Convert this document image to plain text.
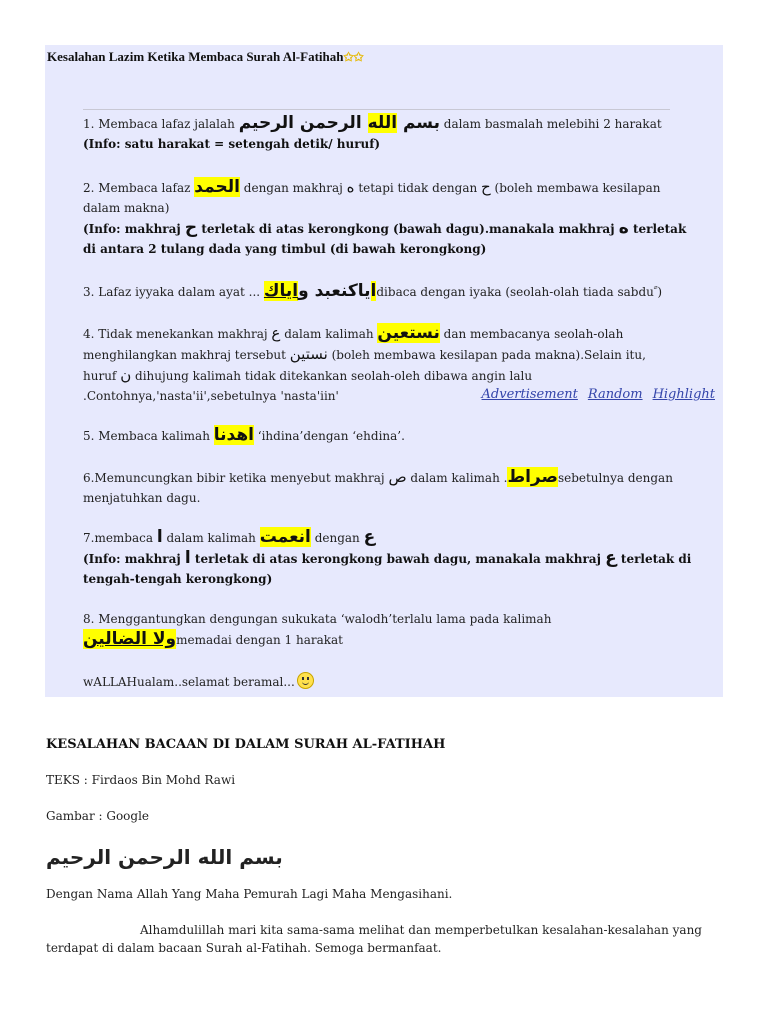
Kesalahan Lazim Ketika Membaca Surah Al-Fatihah✩✩
1. Membaca lafaz jalalah	بسم الله الرحمن الرحيم	dalam basmalah melebihi 2 harakat
(Info: satu harakat = setengah detik/ huruf)
2. Membaca lafaz الحمد dengan makhraj ه tetapi tidak dengan ح (boleh membawa kesilapan dalam makna)
(Info: makhraj ح terletak di atas kerongkong (bawah dagu).manakala makhraj ه terletak di antara 2 tulang dada yang timbul (di bawah kerongkong)
3. Lafaz iyyaka dalam ayat ...	اياكنعبد واياك	dibaca dengan iyaka (seolah-olah tiada sabdu ً)
4. Tidak menekankan makhraj ع dalam kalimah نستعين dan membacanya seolah-olah menghilangkan makhraj tersebut نستين (boleh membawa kesilapan pada makna).Selain itu, huruf ن dihujung kalimah tidak ditekankan seolah-oleh dibawa angin lalu .Contohnya,'nasta'ii',sebetulnya 'nasta'iin'	Advertisement Random Highlight
5. Membaca kalimah اهدنا ‘ihdina’dengan ‘ehdina’.
6.Memuncungkan bibir ketika menyebut makhraj ص dalam kalimah .صراطsebetulnya dengan menjatuhkan dagu.
7.membaca ا dalam kalimah انعمت dengan ع
(Info: makhraj ا terletak di atas kerongkong bawah dagu, manakala makhraj ع terletak di tengah-tengah kerongkong)
8. Menggantungkan dengungan sukukata ‘walodh’terlalu lama pada kalimah
ولا الضالينmemadai dengan 1 harakat
wALLAHualam..selamat beramal...
KESALAHAN BACAAN DI DALAM SURAH AL-FATIHAH
TEKS : Firdaos Bin Mohd Rawi
Gambar : Google
بسم الله الرحمن الرحيم
Dengan Nama Allah Yang Maha Pemurah Lagi Maha Mengasihani.
Alhamdulillah mari kita sama-sama melihat dan memperbetulkan kesalahan-kesalahan yang terdapat di dalam bacaan Surah al-Fatihah. Semoga bermanfaat.
